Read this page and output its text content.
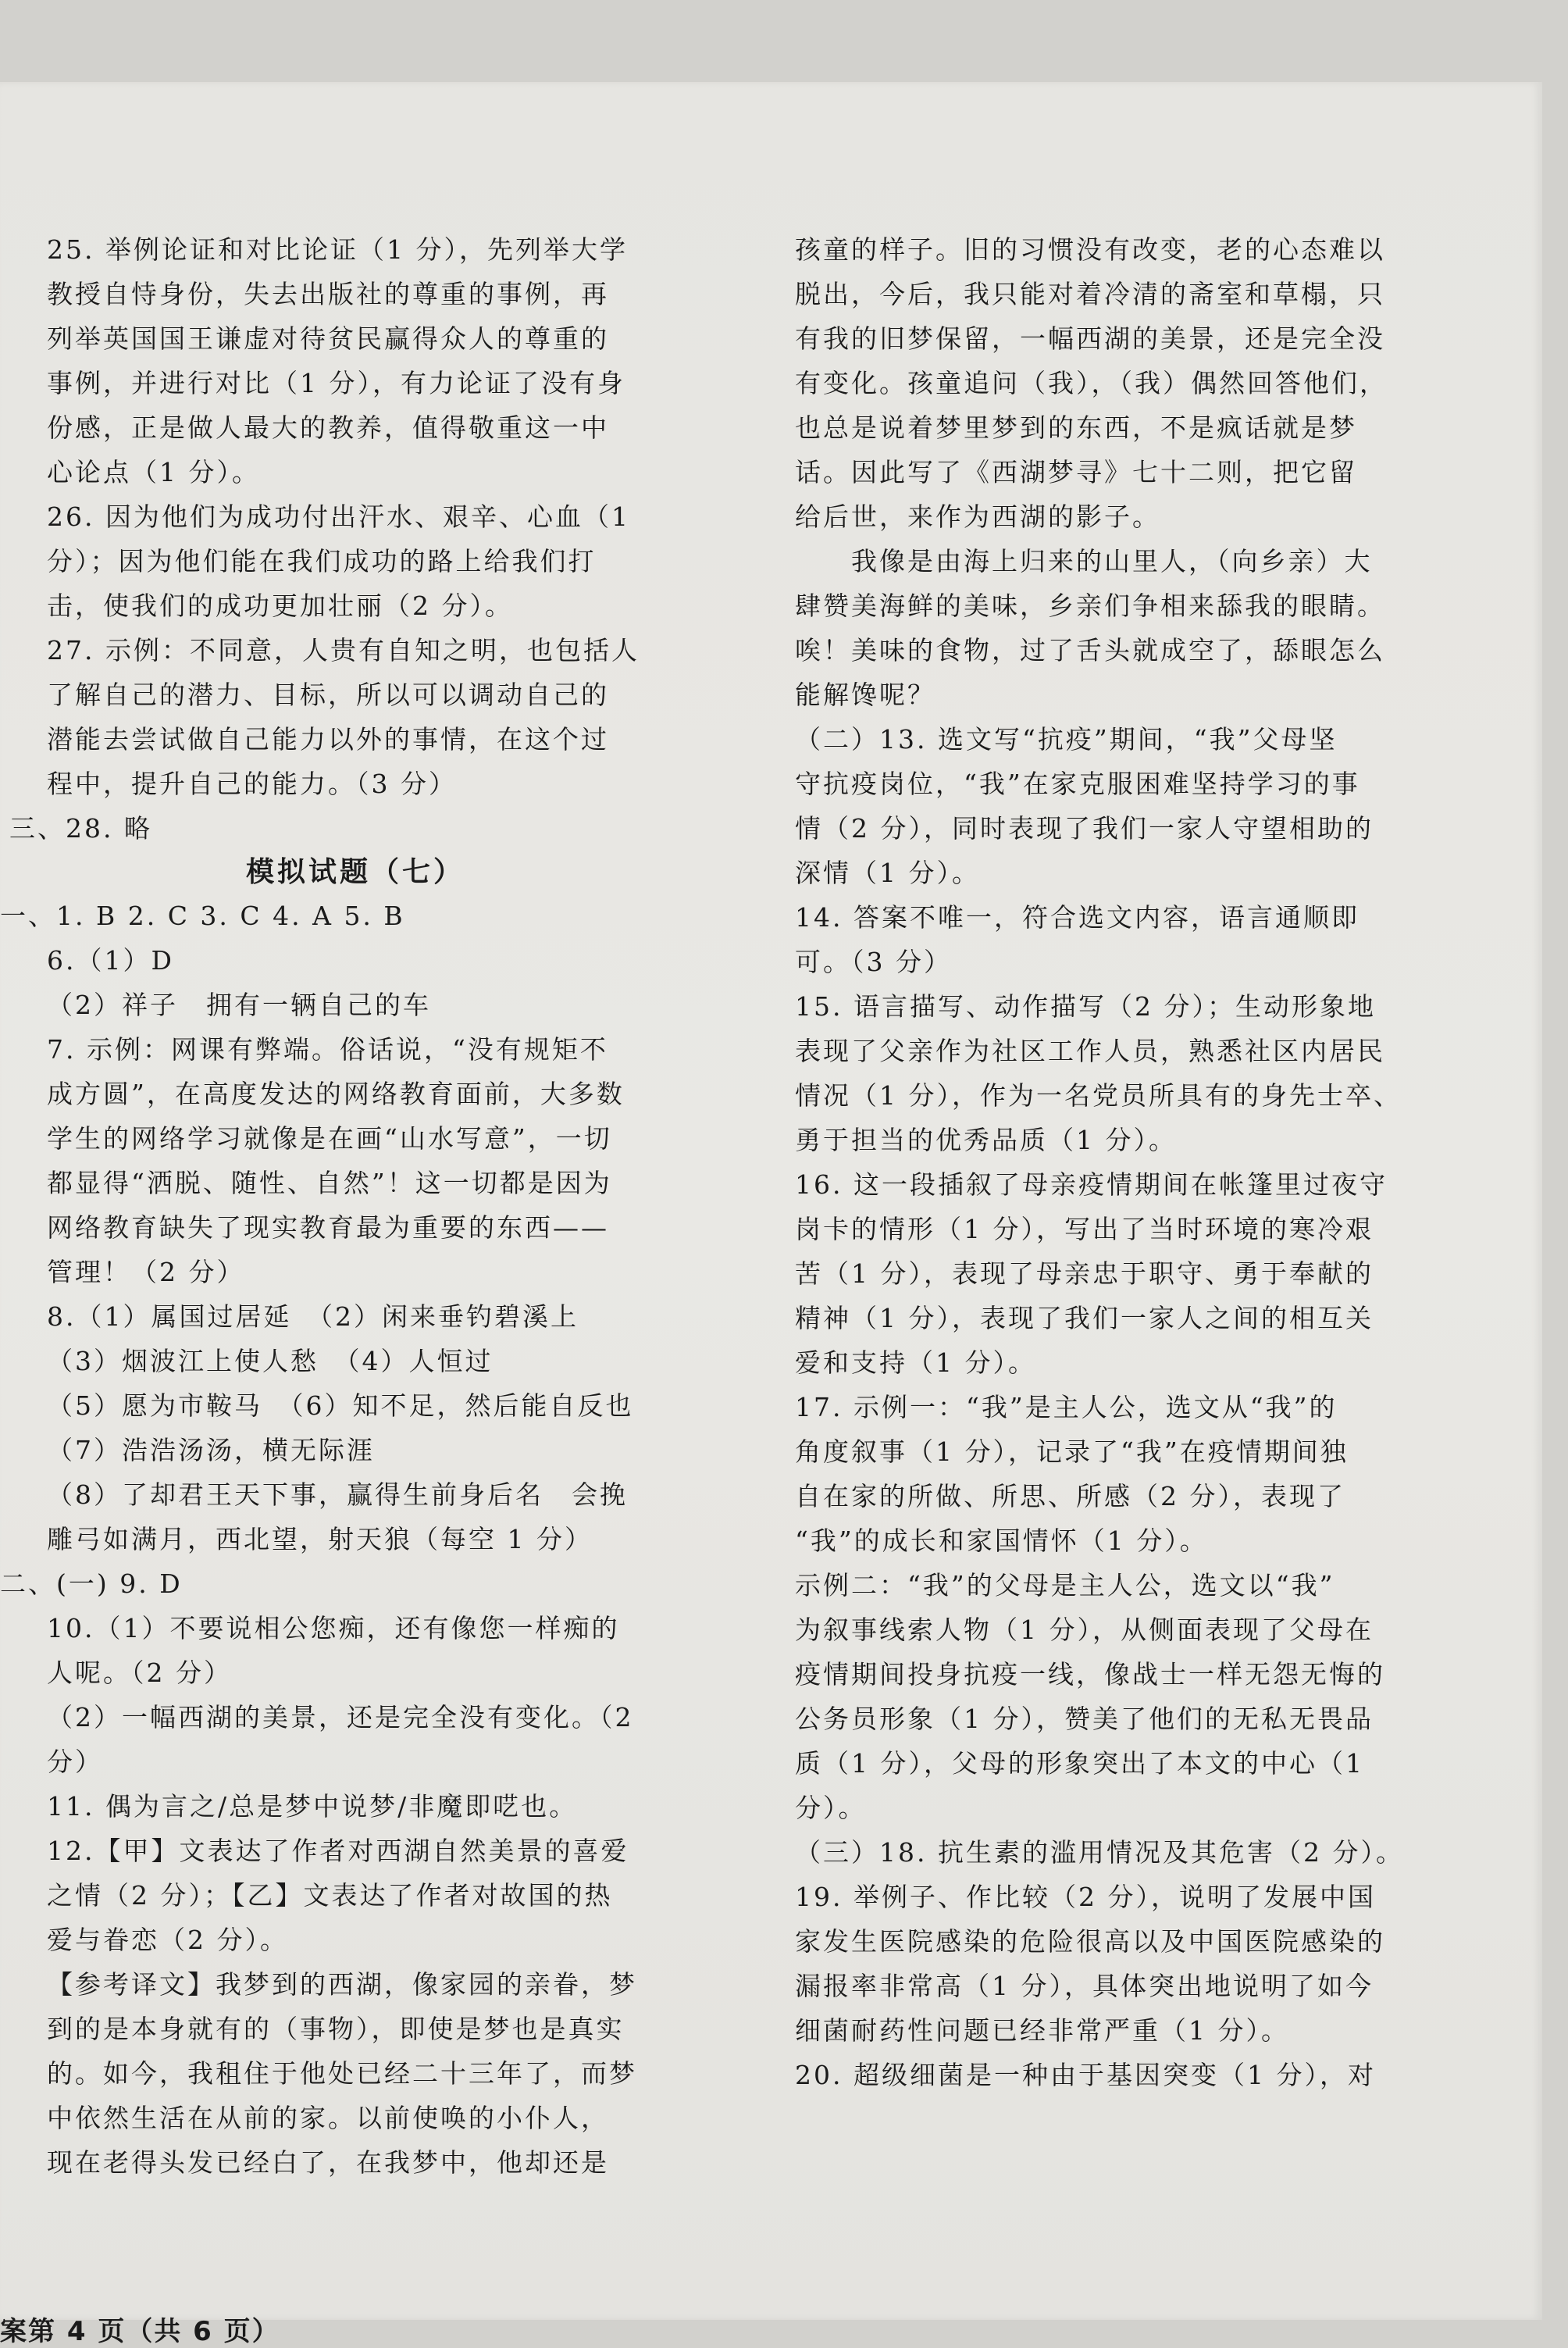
25. 举例论证和对比论证（1 分），先列举大学
教授自恃身份，失去出版社的尊重的事例，再
列举英国国王谦虚对待贫民赢得众人的尊重的
事例，并进行对比（1 分），有力论证了没有身
份感，正是做人最大的教养，值得敬重这一中
心论点（1 分）。
26. 因为他们为成功付出汗水、艰辛、心血（1
分）；因为他们能在我们成功的路上给我们打
击，使我们的成功更加壮丽（2 分）。
27. 示例：不同意，人贵有自知之明，也包括人
了解自己的潜力、目标，所以可以调动自己的
潜能去尝试做自己能力以外的事情，在这个过
程中，提升自己的能力。（3 分）
三、28. 略
模拟试题（七）
一、1. B 2. C 3. C 4. A 5. B
6.（1）D
（2）祥子　拥有一辆自己的车
7. 示例：网课有弊端。俗话说，“没有规矩不
成方圆”，在高度发达的网络教育面前，大多数
学生的网络学习就像是在画“山水写意”，一切
都显得“洒脱、随性、自然”！这一切都是因为
网络教育缺失了现实教育最为重要的东西——
管理！（2 分）
8.（1）属国过居延　（2）闲来垂钓碧溪上
（3）烟波江上使人愁　（4）人恒过
（5）愿为市鞍马　（6）知不足，然后能自反也
（7）浩浩汤汤，横无际涯
（8）了却君王天下事，赢得生前身后名　会挽
雕弓如满月，西北望，射天狼（每空 1 分）
二、(一) 9. D
10.（1）不要说相公您痴，还有像您一样痴的
人呢。（2 分）
（2）一幅西湖的美景，还是完全没有变化。（2
分）
11. 偶为言之/总是梦中说梦/非魔即呓也。
12.【甲】文表达了作者对西湖自然美景的喜爱
之情（2 分）；【乙】文表达了作者对故国的热
爱与眷恋（2 分）。
【参考译文】我梦到的西湖，像家园的亲眷，梦
到的是本身就有的（事物），即使是梦也是真实
的。如今，我租住于他处已经二十三年了，而梦
中依然生活在从前的家。以前使唤的小仆人，
现在老得头发已经白了，在我梦中，他却还是
孩童的样子。旧的习惯没有改变，老的心态难以
脱出，今后，我只能对着冷清的斋室和草榻，只
有我的旧梦保留，一幅西湖的美景，还是完全没
有变化。孩童追问（我），（我）偶然回答他们，
也总是说着梦里梦到的东西，不是疯话就是梦
话。因此写了《西湖梦寻》七十二则，把它留
给后世，来作为西湖的影子。
　　我像是由海上归来的山里人，（向乡亲）大
肆赞美海鲜的美味，乡亲们争相来舔我的眼睛。
唉！美味的食物，过了舌头就成空了，舔眼怎么
能解馋呢？
（二）13. 选文写“抗疫”期间，“我”父母坚
守抗疫岗位，“我”在家克服困难坚持学习的事
情（2 分），同时表现了我们一家人守望相助的
深情（1 分）。
14. 答案不唯一，符合选文内容，语言通顺即
可。（3 分）
15. 语言描写、动作描写（2 分）；生动形象地
表现了父亲作为社区工作人员，熟悉社区内居民
情况（1 分），作为一名党员所具有的身先士卒、
勇于担当的优秀品质（1 分）。
16. 这一段插叙了母亲疫情期间在帐篷里过夜守
岗卡的情形（1 分），写出了当时环境的寒冷艰
苦（1 分），表现了母亲忠于职守、勇于奉献的
精神（1 分），表现了我们一家人之间的相互关
爱和支持（1 分）。
17. 示例一：“我”是主人公，选文从“我”的
角度叙事（1 分），记录了“我”在疫情期间独
自在家的所做、所思、所感（2 分），表现了
“我”的成长和家国情怀（1 分）。
示例二：“我”的父母是主人公，选文以“我”
为叙事线索人物（1 分），从侧面表现了父母在
疫情期间投身抗疫一线，像战士一样无怨无悔的
公务员形象（1 分），赞美了他们的无私无畏品
质（1 分），父母的形象突出了本文的中心（1
分）。
（三）18. 抗生素的滥用情况及其危害（2 分）。
19. 举例子、作比较（2 分），说明了发展中国
家发生医院感染的危险很高以及中国医院感染的
漏报率非常高（1 分），具体突出地说明了如今
细菌耐药性问题已经非常严重（1 分）。
20. 超级细菌是一种由于基因突变（1 分），对
案第 4 页（共 6 页）
